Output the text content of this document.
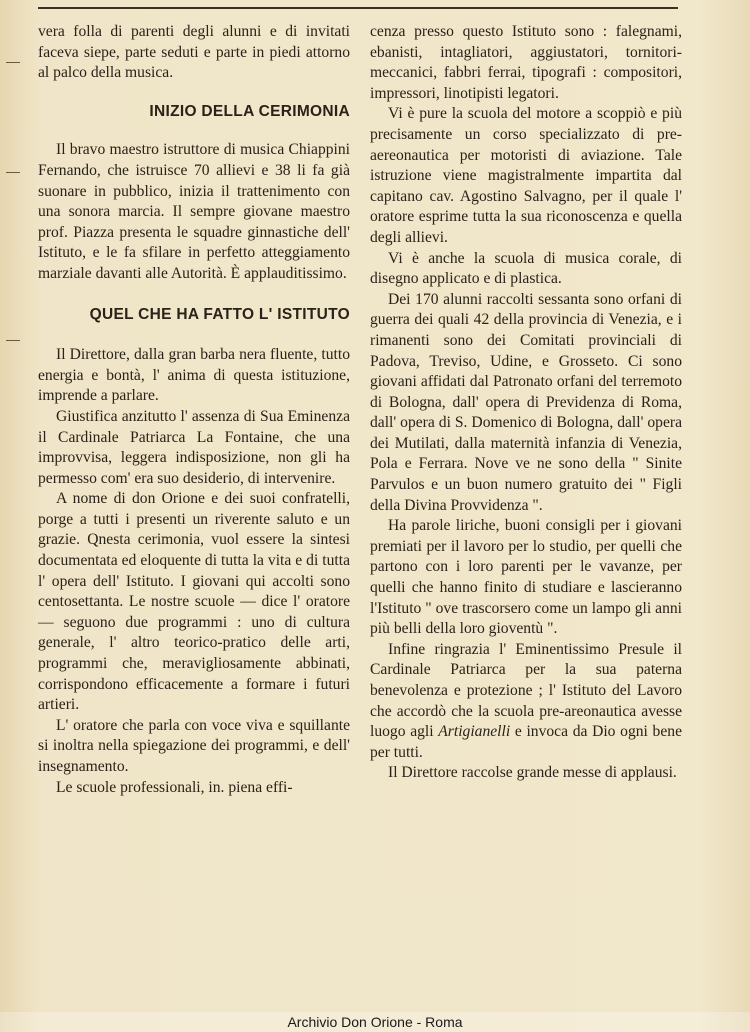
vera folla di parenti degli alunni e di invitati faceva siepe, parte seduti e parte in piedi attorno al palco della musica.

INIZIO DELLA CERIMONIA

Il bravo maestro istruttore di musica Chiappini Fernando, che istruisce 70 allievi e 38 li fa già suonare in pubblico, inizia il trattenimento con una sonora marcia. Il sempre giovane maestro prof. Piazza presenta le squadre ginnastiche dell' Istituto, e le fa sfilare in perfetto atteggiamento marziale davanti alle Autorità. È applauditissimo.

QUEL CHE HA FATTO L' ISTITUTO

Il Direttore, dalla gran barba nera fluente, tutto energia e bontà, l' anima di questa istituzione, imprende a parlare.

Giustifica anzitutto l' assenza di Sua Eminenza il Cardinale Patriarca La Fontaine, che una improvvisa, leggera indisposizione, non gli ha permesso com' era suo desiderio, di intervenire.

A nome di don Orione e dei suoi confratelli, porge a tutti i presenti un riverente saluto e un grazie. Qnesta cerimonia, vuol essere la sintesi documentata ed eloquente di tutta la vita e di tutta l' opera dell' Istituto. I giovani qui accolti sono centosettanta. Le nostre scuole — dice l' oratore — seguono due programmi : uno di cultura generale, l' altro teorico-pratico delle arti, programmi che, meravigliosamente abbinati, corrispondono efficacemente a formare i futuri artieri.

L' oratore che parla con voce viva e squillante si inoltra nella spiegazione dei programmi, e dell' insegnamento.

Le scuole professionali, in. piena effi-

cenza presso questo Istituto sono : falegnami, ebanisti, intagliatori, aggiustatori, tornitori-meccanici, fabbri ferrai, tipografi : compositori, impressori, linotipisti legatori.

Vi è pure la scuola del motore a scoppiò e più precisamente un corso specializzato di pre-aereonautica per motoristi di aviazione. Tale istruzione viene magistralmente impartita dal capitano cav. Agostino Salvagno, per il quale l' oratore esprime tutta la sua riconoscenza e quella degli allievi.

Vi è anche la scuola di musica corale, di disegno applicato e di plastica.

Dei 170 alunni raccolti sessanta sono orfani di guerra dei quali 42 della provincia di Venezia, e i rimanenti sono dei Comitati provinciali di Padova, Treviso, Udine, e Grosseto. Ci sono giovani affidati dal Patronato orfani del terremoto di Bologna, dall' opera di Previdenza di Roma, dall' opera di S. Domenico di Bologna, dall' opera dei Mutilati, dalla maternità infanzia di Venezia, Pola e Ferrara. Nove ve ne sono della " Sinite Parvulos e un buon numero gratuito dei " Figli della Divina Provvidenza ".

Ha parole liriche, buoni consigli per i giovani premiati per il lavoro per lo studio, per quelli che partono con i loro parenti per le vavanze, per quelli che hanno finito di studiare e lascieranno l'Istituto " ove trascorsero come un lampo gli anni più belli della loro gioventù ".

Infine ringrazia l' Eminentissimo Presule il Cardinale Patriarca per la sua paterna benevolenza e protezione ; l' Istituto del Lavoro che accordò che la scuola pre-areonautica avesse luogo agli Artigianelli e invoca da Dio ogni bene per tutti.

Il Direttore raccolse grande messe di applausi.

Archivio Don Orione - Roma
